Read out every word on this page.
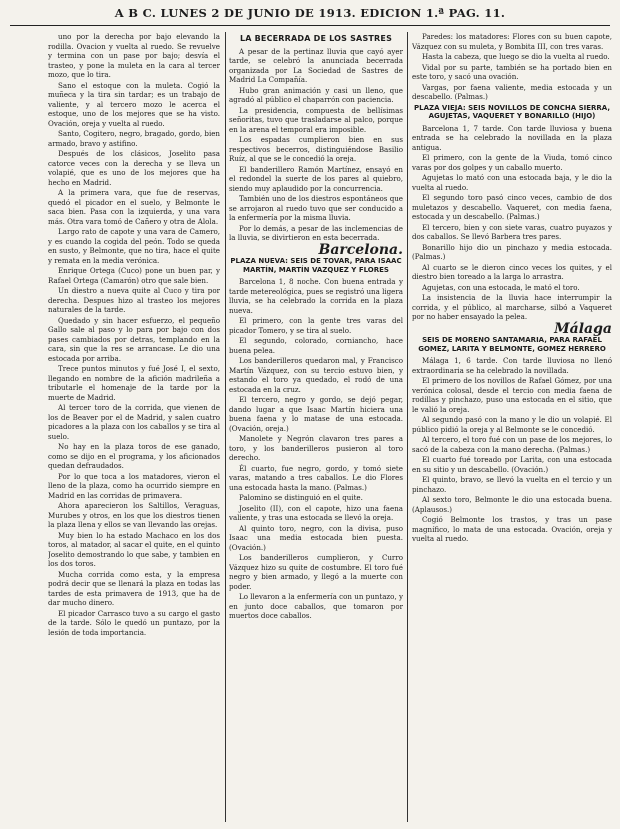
A B C. LUNES 2 DE JUNIO DE 1913. EDICION 1.ª PAG. 11.

uno por la derecha por bajo elevando la rodilla. Ovacion y vuelta al ruedo. Se revuelve y termina con un pase por bajo; desvía el trasteo, y pone la muleta en la cara al tercer mozo, que lo tira.

Sano el estoque con la muleta. Cogió la muñeca y la tira sin tardar; es un trabajo de valiente, y al tercero mozo le acerca el estoque, uno de los mejores que se ha visto. Ovación, oreja y vuelta al ruedo.

Santo, Cogitero, negro, bragado, gordo, bien armado, bravo y astifino.

Después de los clásicos, Joselito pasa catorce veces con la derecha y se lleva un volapié, que es uno de los mejores que ha hecho en Madrid.

A la primera vara, que fue de reservas, quedó el picador en el suelo, y Belmonte le saca bien. Pasa con la izquierda, y una vara más. Otra vara tomó de Cañero y otra de Alola.

Largo rato de capote y una vara de Camero, y es cuando la cogida del peón. Todo se queda en susto, y Belmonte, que no tira, hace el quite y remata en la media verónica.

Enrique Ortega (Cuco) pone un buen par, y Rafael Ortega (Camarón) otro que sale bien.

Un diestro a nueva quite al Cuco y tira por derecha. Despues hizo al trasteo los mejores naturales de la tarde.

Quedado y sin hacer esfuerzo, el pequeño Gallo sale al paso y lo para por bajo con dos pases cambiados por detras, templando en la cara, sin que la res se arrancase. Le dio una estocada por arriba.

Trece puntos minutos y fué José I, el sexto, llegando en nombre de la afición madrileña a tributarle el homenaje de la tarde por la muerte de Madrid.

Al tercer toro de la corrida, que vienen de los de Beaver por el de Madrid, y salen cuatro picadores a la plaza con los caballos y se tira al suelo.

No hay en la plaza toros de ese ganado, como se dijo en el programa, y los aficionados quedan defraudados.

Por lo que toca a los matadores, vieron el lleno de la plaza, como ha ocurrido siempre en Madrid en las corridas de primavera.

Ahora aparecieron los Saltillos, Veraguas, Murubes y otros, en los que los diestros tienen la plaza llena y ellos se van llevando las orejas.

Muy bien lo ha estado Machaco en los dos toros, al matador, al sacar el quite, en el quinto Joselito demostrando lo que sabe, y tambien en los dos toros.

Mucha corrida como esta, y la empresa podrá decir que se llenará la plaza en todas las tardes de esta primavera de 1913, que ha de dar mucho dinero.

El picador Carrasco tuvo a su cargo el gasto de la tarde. Sólo le quedó un puntazo, por la lesión de toda importancia.

LA BECERRADA DE LOS SASTRES

A pesar de la pertinaz lluvia que cayó ayer tarde, se celebró la anunciada becerrada organizada por La Sociedad de Sastres de Madrid La Compañía.

Hubo gran animación y casi un lleno, que agradó al público el chaparrón con paciencia.

La presidencia, compuesta de bellísimas señoritas, tuvo que trasladarse al palco, porque en la arena el temporal era imposible.

Los espadas cumplieron bien en sus respectivos becerros, distinguiéndose Basilio Ruíz, al que se le concedió la oreja.

El banderillero Ramón Martínez, ensayó en el redondel la suerte de los pares al quiebro, siendo muy aplaudido por la concurrencia.

También uno de los diestros espontáneos que se arrojaron al ruedo tuvo que ser conducido a la enfermería por la misma lluvia.

Por lo demás, a pesar de las inclemencias de la lluvia, se divirtieron en esta becerrada.

Barcelona.
PLAZA NUEVA: SEIS DE TOVAR, PARA ISAAC MARTÍN, MARTÍN VAZQUEZ Y FLORES

Barcelona 1, 8 noche. Con buena entrada y tarde metereológica, pues se registró una ligera lluvia, se ha celebrado la corrida en la plaza nueva.

El primero, con la gente tres varas del picador Tomero, y se tira al suelo.

El segundo, colorado, corniancho, hace buena pelea.

Los banderilleros quedaron mal, y Francisco Martín Vázquez, con su tercio estuvo bien, y estando el toro ya quedado, el rodó de una estocada en la cruz.

El tercero, negro y gordo, se dejó pegar, dando lugar a que Isaac Martín hiciera una buena faena y lo matase de una estocada. (Ovación, oreja.)

Manolete y Negrón clavaron tres pares a toro, y los banderilleros pusieron al toro derecho.

Él cuarto, fue negro, gordo, y tomó siete varas, matando a tres caballos. Le dio Flores una estocada hasta la mano. (Palmas.)

Palomino se distinguió en el quite.

Joselito (II), con el capote, hizo una faena valiente, y tras una estocada se llevó la oreja.

Al quinto toro, negro, con la divisa, puso Isaac una media estocada bien puesta. (Ovación.)

Los banderilleros cumplieron, y Curro Vázquez hizo su quite de costumbre. El toro fué negro y bien armado, y llegó a la muerte con poder.

Lo llevaron a la enfermería con un puntazo, y en junto doce caballos, que tomaron por muertos doce caballos.

Paredes: los matadores: Flores con su buen capote, Vázquez con su muleta, y Bombita III, con tres varas.

Hasta la cabeza, que luego se dio la vuelta al ruedo.

Vidal por su parte, también se ha portado bien en este toro, y sacó una ovación.

Vargas, por faena valiente, media estocada y un descabello. (Palmas.)

PLAZA VIEJA: SEIS NOVILLOS DE CONCHA SIERRA, AGUJETAS, VAQUERET Y BONARILLO (HIJO)

Barcelona 1, 7 tarde. Con tarde lluviosa y buena entrada se ha celebrado la novillada en la plaza antigua.

El primero, con la gente de la Viuda, tomó cinco varas por dos golpes y un caballo muerto.

Agujetas lo mató con una estocada baja, y le dio la vuelta al ruedo.

El segundo toro pasó cinco veces, cambio de dos muletazos y descabello. Vaqueret, con media faena, estocada y un descabello. (Palmas.)

El tercero, bien y con siete varas, cuatro puyazos y dos caballos. Se llevó Barbera tres pares.

Bonarillo hijo dio un pinchazo y media estocada. (Palmas.)

Al cuarto se le dieron cinco veces los quites, y el diestro bien toreado a la larga lo arrastra.

Agujetas, con una estocada, le mató el toro.

La insistencia de la lluvia hace interrumpir la corrida, y el público, al marcharse, silbó a Vaqueret por no haber ensayado la pelea.

Málaga
SEIS DE MORENO SANTAMARIA, PARA RAFAEL GOMEZ, LARITA Y BELMONTE, GOMEZ HERRERO

Málaga 1, 6 tarde. Con tarde lluviosa no llenó extraordinaria se ha celebrado la novillada.

El primero de los novillos de Rafael Gómez, por una verónica colosal, desde el tercio con media faena de rodillas y pinchazo, puso una estocada en el sitio, que le valió la oreja.

Al segundo pasó con la mano y le dio un volapié. El público pidió la oreja y al Belmonte se le concedió.

Al tercero, el toro fué con un pase de los mejores, lo sacó de la cabeza con la mano derecha. (Palmas.)

El cuarto fué toreado por Larita, con una estocada en su sitio y un descabello. (Ovación.)

El quinto, bravo, se llevó la vuelta en el tercio y un pinchazo.

Al sexto toro, Belmonte le dio una estocada buena. (Aplausos.)

Cogió Belmonte los trastos, y tras un pase magnífico, lo mata de una estocada. Ovación, oreja y vuelta al ruedo.
